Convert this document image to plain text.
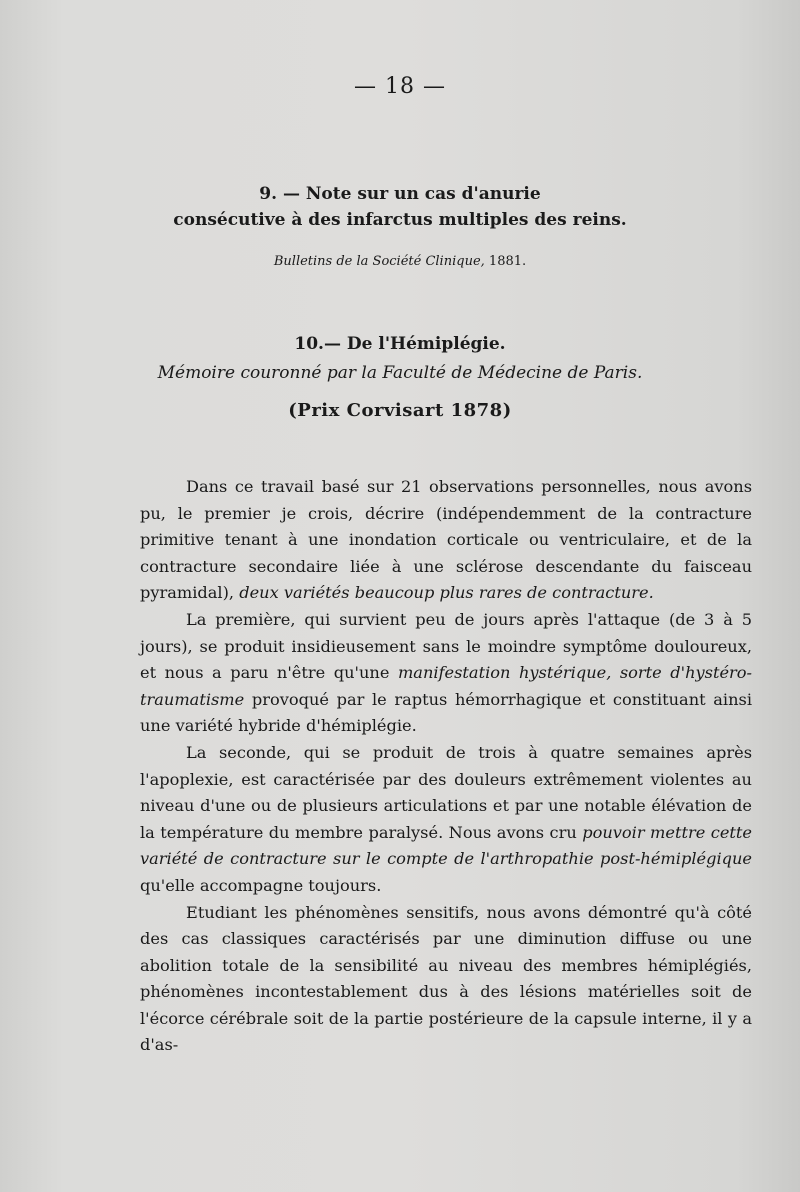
— 18 —
9. — Note sur un cas d'anurie
consécutive à des infarctus multiples des reins.
Bulletins de la Société Clinique, 1881.
10.— De l'Hémiplégie.
Mémoire couronné par la Faculté de Médecine de Paris.
(Prix Corvisart 1878)

Dans ce travail basé sur 21 observations personnelles, nous avons pu, le premier je crois, décrire (indépendemment de la contracture primitive tenant à une inondation corticale ou ventriculaire, et de la contracture secondaire liée à une sclérose descendante du faisceau pyramidal), deux variétés beaucoup plus rares de contracture.

La première, qui survient peu de jours après l'attaque (de 3 à 5 jours), se produit insidieusement sans le moindre symptôme douloureux, et nous a paru n'être qu'une manifestation hystérique, sorte d'hystéro-traumatisme provoqué par le raptus hémorrhagique et constituant ainsi une variété hybride d'hémiplégie.

La seconde, qui se produit de trois à quatre semaines après l'apoplexie, est caractérisée par des douleurs extrêmement violentes au niveau d'une ou de plusieurs articulations et par une notable élévation de la température du membre paralysé. Nous avons cru pouvoir mettre cette variété de contracture sur le compte de l'arthropathie post-hémiplégique qu'elle accompagne toujours.

Etudiant les phénomènes sensitifs, nous avons démontré qu'à côté des cas classiques caractérisés par une diminution diffuse ou une abolition totale de la sensibilité au niveau des membres hémiplégiés, phénomènes incontestablement dus à des lésions matérielles soit de l'écorce cérébrale soit de la partie postérieure de la capsule interne, il y a d'as-
